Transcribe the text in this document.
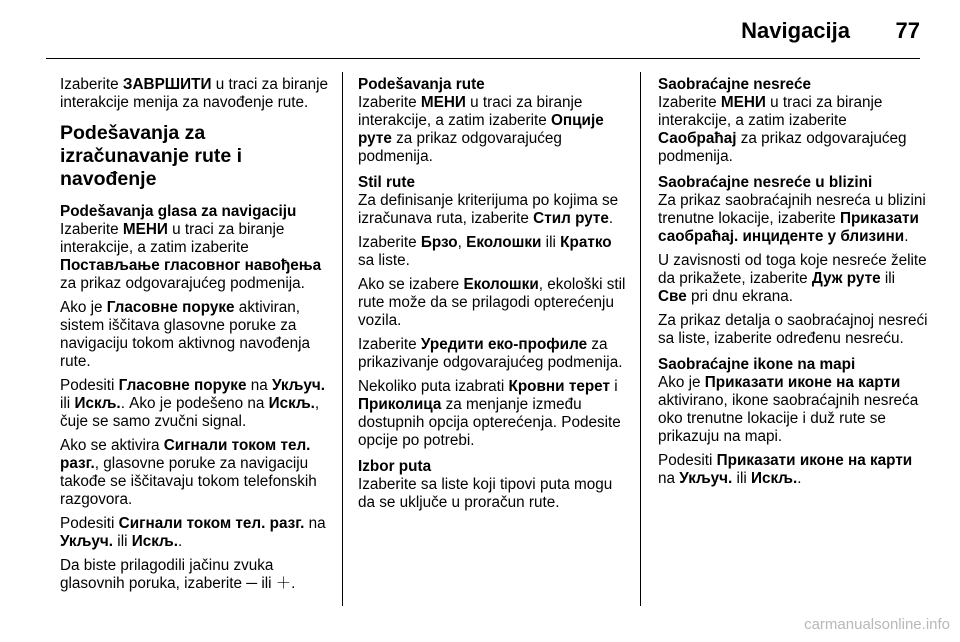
Navigacija	77

Izaberite ЗАВРШИТИ u traci za biranje interakcije menija za navođenje rute.

Podešavanja za izračunavanje rute i navođenje

Podešavanja glasa za navigaciju
Izaberite МЕНИ u traci za biranje interakcije, a zatim izaberite Постављање гласовног навођења za prikaz odgovarajućeg podmenija.

Ako je Гласовне поруке aktiviran, sistem iščitava glasovne poruke za navigaciju tokom aktivnog navođenja rute.

Podesiti Гласовне поруке na Укључ. ili Искљ.. Ako je podešeno na Искљ., čuje se samo zvučni signal.

Ako se aktivira Сигнали током тел. разг., glasovne poruke za navigaciju takođe se iščitavaju tokom telefonskih razgovora.

Podesiti Сигнали током тел. разг. na Укључ. ili Искљ..

Da biste prilagodili jačinu zvuka glasovnih poruka, izaberite ─ ili ＋.

Podešavanja rute
Izaberite МЕНИ u traci za biranje interakcije, a zatim izaberite Опције руте za prikaz odgovarajućeg podmenija.

Stil rute
Za definisanje kriterijuma po kojima se izračunava ruta, izaberite Стил руте.

Izaberite Брзо, Еколошки ili Кратко sa liste.

Ako se izabere Еколошки, ekološki stil rute može da se prilagodi opterećenju vozila.

Izaberite Уредити еко-профиле za prikazivanje odgovarajućeg podmenija.

Nekoliko puta izabrati Кровни терет i Приколица za menjanje između dostupnih opcija opterećenja. Podesite opcije po potrebi.

Izbor puta
Izaberite sa liste koji tipovi puta mogu da se uključe u proračun rute.

Saobraćajne nesreće
Izaberite МЕНИ u traci za biranje interakcije, a zatim izaberite Саобраћај za prikaz odgovarajućeg podmenija.

Saobraćajne nesreće u blizini
Za prikaz saobraćajnih nesreća u blizini trenutne lokacije, izaberite Приказати саобраћај. инциденте у близини.

U zavisnosti od toga koje nesreće želite da prikažete, izaberite Дуж руте ili Све pri dnu ekrana.

Za prikaz detalja o saobraćajnoj nesreći sa liste, izaberite određenu nesreću.

Saobraćajne ikone na mapi
Ako je Приказати иконе на карти aktivirano, ikone saobraćajnih nesreća oko trenutne lokacije i duž rute se prikazuju na mapi.

Podesiti Приказати иконе на карти na Укључ. ili Искљ..

carmanualsonline.info
